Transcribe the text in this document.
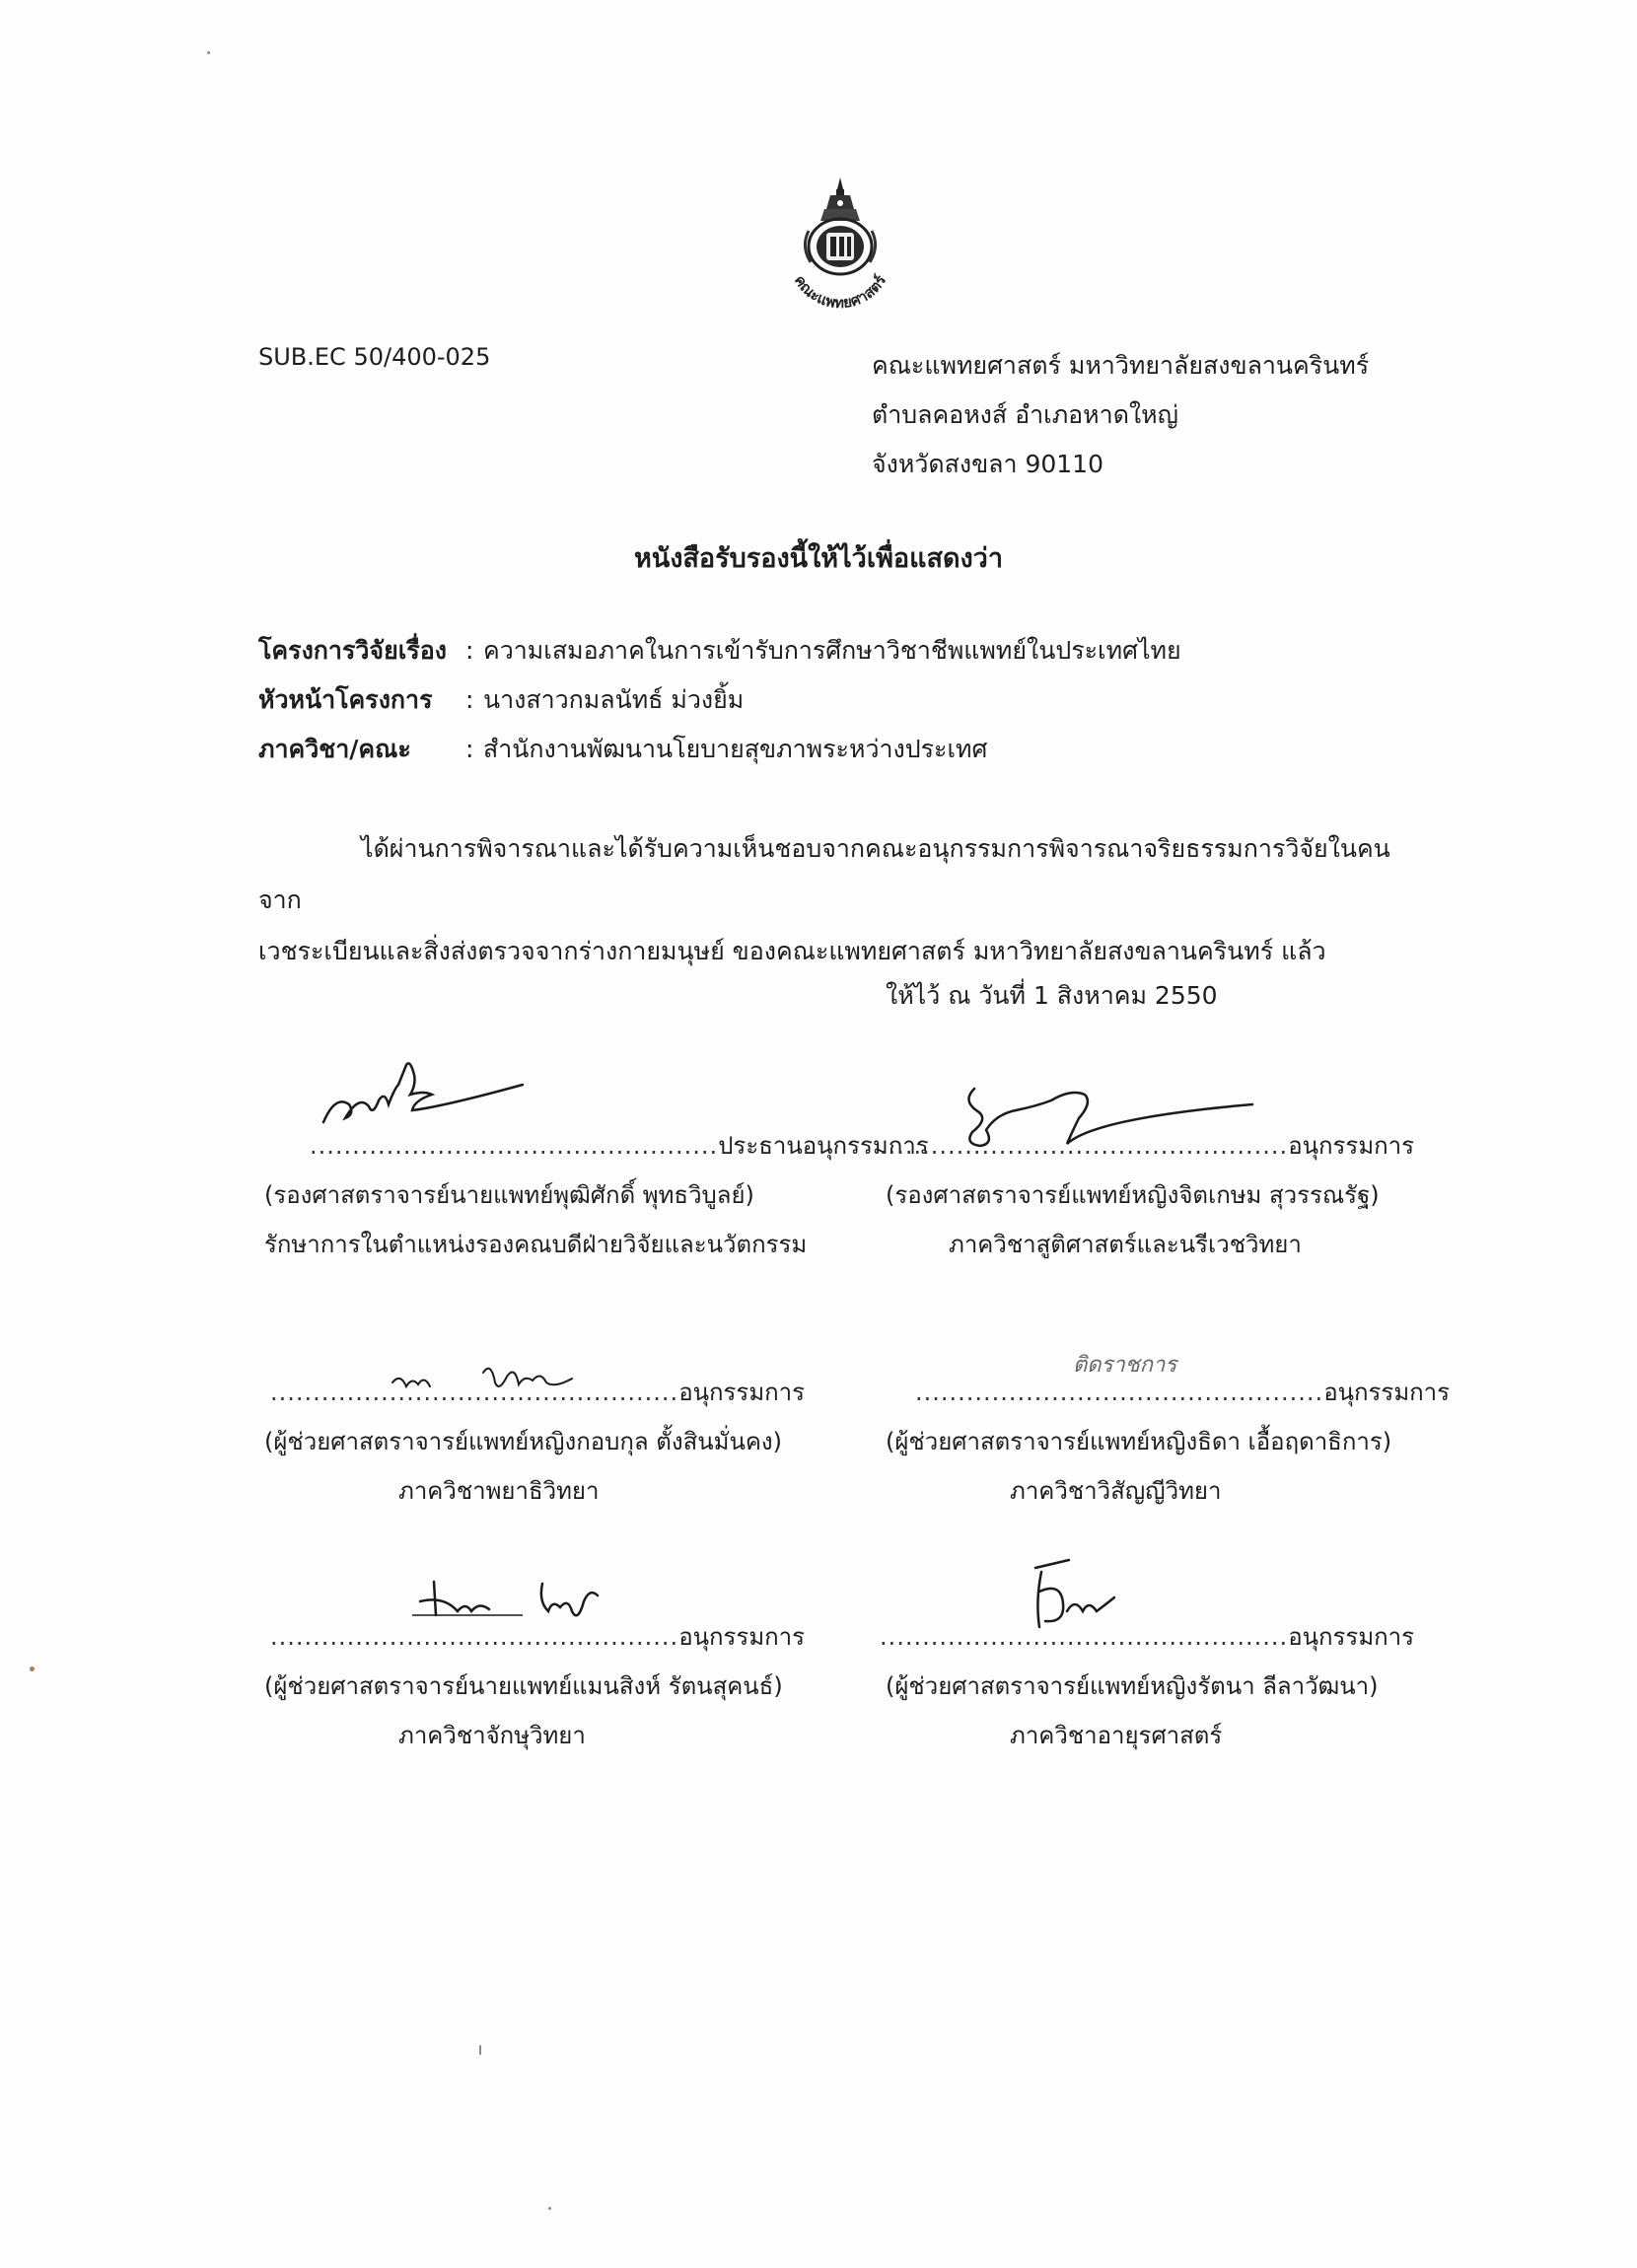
คณะแพทยศาสตร์
SUB.EC 50/400-025	คณะแพทยศาสตร์ มหาวิทยาลัยสงขลานครินทร์
ตำบลคอหงส์ อำเภอหาดใหญ่
จังหวัดสงขลา 90110
หนังสือรับรองนี้ให้ไว้เพื่อแสดงว่า
โครงการวิจัยเรื่อง : ความเสมอภาคในการเข้ารับการศึกษาวิชาชีพแพทย์ในประเทศไทย
หัวหน้าโครงการ : นางสาวกมลนัทธ์ ม่วงยิ้ม
ภาควิชา/คณะ : สำนักงานพัฒนานโยบายสุขภาพระหว่างประเทศ
ได้ผ่านการพิจารณาและได้รับความเห็นชอบจากคณะอนุกรรมการพิจารณาจริยธรรมการวิจัยในคนจาก
เวชระเบียนและสิ่งส่งตรวจจากร่างกายมนุษย์ ของคณะแพทยศาสตร์ มหาวิทยาลัยสงขลานครินทร์ แล้ว
ให้ไว้ ณ วันที่ 1 สิงหาคม 2550
................................................ประธานอนุกรรมการ
(รองศาสตราจารย์นายแพทย์พุฒิศักดิ์ พุทธวิบูลย์)
รักษาการในตำแหน่งรองคณบดีฝ่ายวิจัยและนวัตกรรม
................................................อนุกรรมการ
(รองศาสตราจารย์แพทย์หญิงจิตเกษม สุวรรณรัฐ)
ภาควิชาสูติศาสตร์และนรีเวชวิทยา
................................................อนุกรรมการ
(ผู้ช่วยศาสตราจารย์แพทย์หญิงกอบกุล ตั้งสินมั่นคง)
ภาควิชาพยาธิวิทยา
ติดราชการ
................................................อนุกรรมการ
(ผู้ช่วยศาสตราจารย์แพทย์หญิงธิดา เอื้อฤดาธิการ)
ภาควิชาวิสัญญีวิทยา
................................................อนุกรรมการ
(ผู้ช่วยศาสตราจารย์นายแพทย์แมนสิงห์ รัตนสุคนธ์)
ภาควิชาจักษุวิทยา
................................................อนุกรรมการ
(ผู้ช่วยศาสตราจารย์แพทย์หญิงรัตนา ลีลาวัฒนา)
ภาควิชาอายุรศาสตร์
